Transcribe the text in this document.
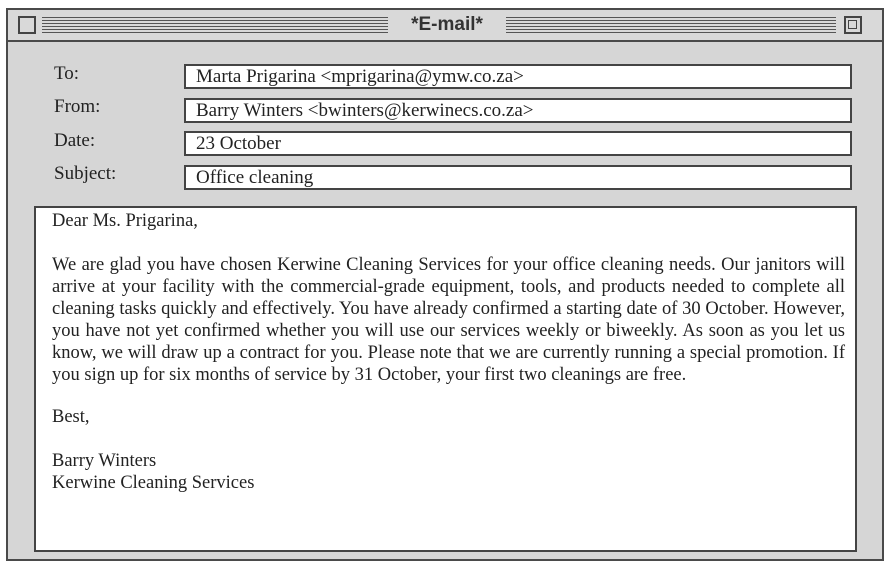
*E-mail*
To:	Marta Prigarina <mprigarina@ymw.co.za>
From:	Barry Winters <bwinters@kerwinecs.co.za>
Date:	23 October
Subject:	Office cleaning

Dear Ms. Prigarina,

We are glad you have chosen Kerwine Cleaning Services for your office cleaning needs. Our janitors will arrive at your facility with the commercial-grade equipment, tools, and products needed to complete all cleaning tasks quickly and effectively. You have already confirmed a starting date of 30 October. However, you have not yet confirmed whether you will use our services weekly or biweekly. As soon as you let us know, we will draw up a contract for you. Please note that we are currently running a special promotion. If you sign up for six months of service by 31 October, your first two cleanings are free.

Best,

Barry Winters

Kerwine Cleaning Services
